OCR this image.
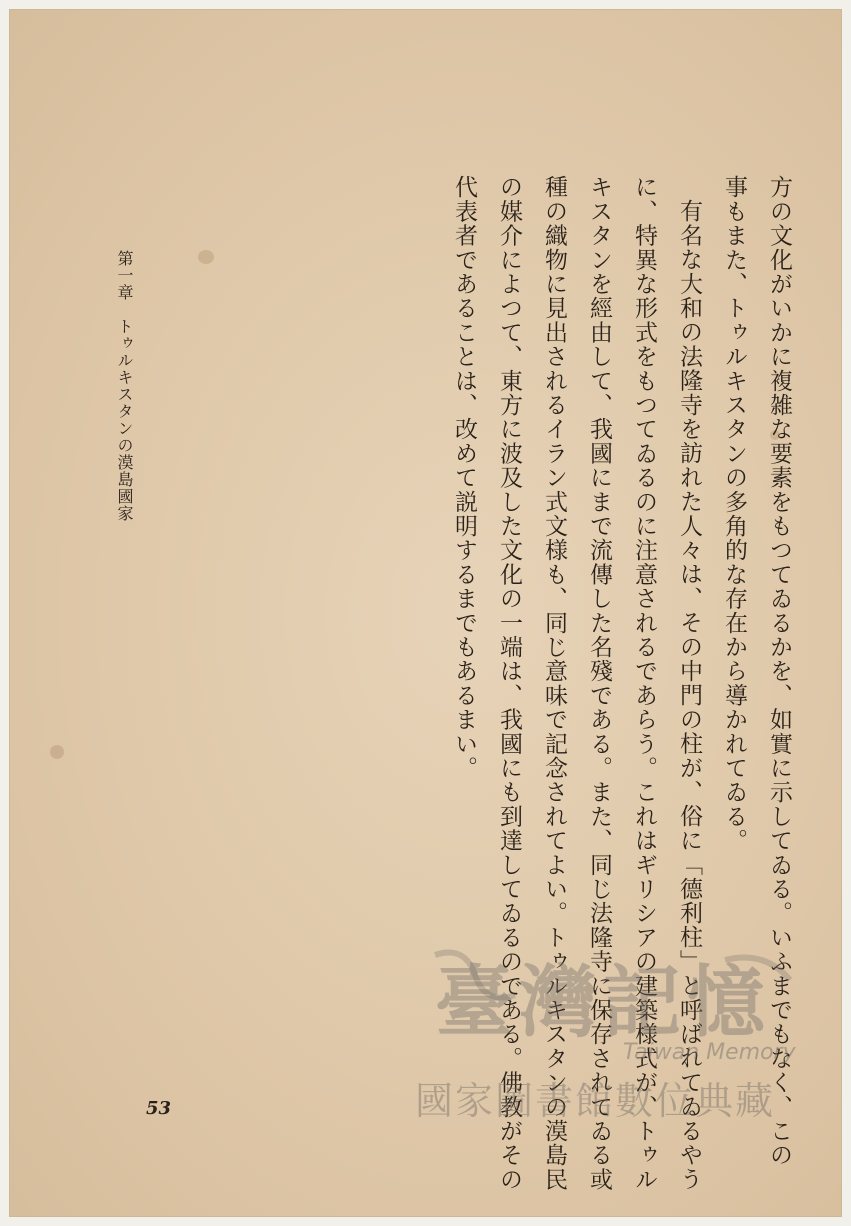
第一章　トゥルキスタンの漠島國家	方の文化がいかに複雑な要素をもつてゐるかを、如實に示してゐる。いふまでもなく、この
事もまた、トゥルキスタンの多角的な存在から導かれてゐる。
有名な大和の法隆寺を訪れた人々は、その中門の柱が、俗に「德利柱」と呼ばれてゐるやう
に、特異な形式をもつてゐるのに注意されるであらう。これはギリシアの建築様式が、トゥル
キスタンを經由して、我國にまで流傳した名殘である。また、同じ法隆寺に保存されてゐる或
種の織物に見出されるイラン式文様も、同じ意味で記念されてよい。トゥルキスタンの漠島民
の媒介によつて、東方に波及した文化の一端は、我國にも到達してゐるのである。佛教がその
代表者であることは、改めて説明するまでもあるまい。
53
臺灣記憶
Taiwan Memory
國家圖書館數位典藏
